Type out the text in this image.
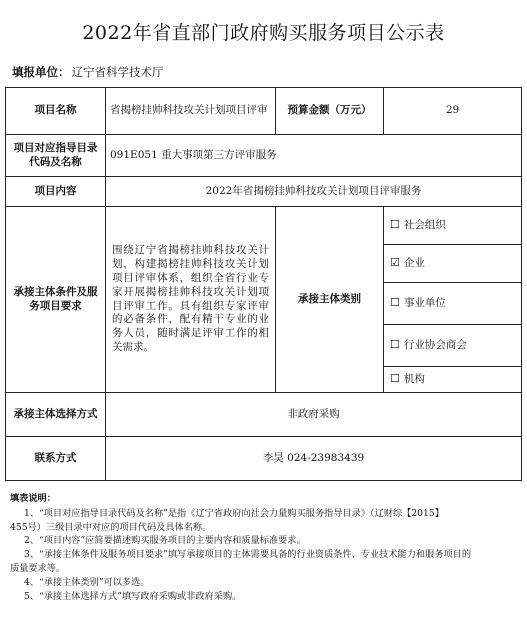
2022年省直部门政府购买服务项目公示表
填报单位： 辽宁省科学技术厅
项目名称	省揭榜挂帅科技攻关计划项目评审	预算金额（万元）	29
项目对应指导目录代码及名称	091E051 重大事项第三方评审服务		
项目内容	2022年省揭榜挂帅科技攻关计划项目评审服务		
承接主体条件及服务项目要求	围绕辽宁省揭榜挂帅科技攻关计划，构建揭榜挂帅科技攻关计划项目评审体系，组织全省行业专家开展揭榜挂帅科技攻关计划项目评审工作。具有组织专家评审的必备条件，配有精干专业的业务人员，随时满足评审工作的相关需求。	承接主体类别	☐ 社会组织
			☑ 企业
			☐ 事业单位
			☐ 行业协会商会
			☐ 机构
承接主体选择方式	非政府采购		
联系方式	李昊 024-23983439		
填表说明：
1、“项目对应指导目录代码及名称”是指《辽宁省政府向社会力量购买服务指导目录》（辽财综【2015】
455号）三级目录中对应的项目代码及具体名称。
2、“项目内容”应简要描述购买服务项目的主要内容和质量标准要求。
3、“承接主体条件及服务项目要求”填写承接项目的主体需要具备的行业资质条件、专业技术能力和服务项目的
质量要求等。
4、“承接主体类别”可以多选。
5、“承接主体选择方式”填写政府采购或非政府采购。
